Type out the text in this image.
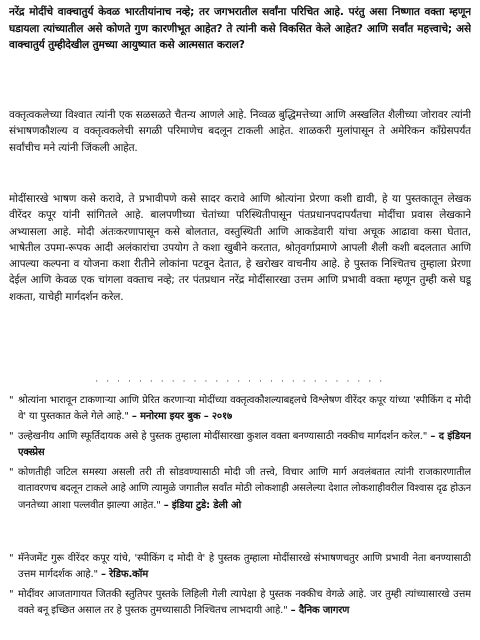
नरेंद्र मोदींचे वाक्चातुर्य केवळ भारतीयांनाच नव्हे; तर जगभरातील सर्वांना परिचित आहे. परंतु असा निष्णात वक्ता म्हणून घडायला त्यांच्यातील असे कोणते गुण कारणीभूत आहेत? ते त्यांनी कसे विकसित केले आहेत? आणि सर्वांत महत्त्वाचे; असे वाक्चातुर्य तुम्हीदेखील तुमच्या आयुष्यात कसे आत्मसात कराल?

वक्तृत्वकलेच्या विश्वात त्यांनी एक सळसळते चैतन्य आणले आहे. निव्वळ बुद्धिमत्तेच्या आणि अस्खलित शैलीच्या जोरावर त्यांनी संभाषणकौशल्य व वक्तृत्वकलेची सगळी परिमाणेच बदलून टाकली आहेत. शाळकरी मुलांपासून ते अमेरिकन काँग्रेसपर्यंत सर्वांचीच मने त्यांनी जिंकली आहेत.

मोदींसारखे भाषण कसे करावे, ते प्रभावीपणे कसे सादर करावे आणि श्रोत्यांना प्रेरणा कशी द्यावी, हे या पुस्तकातून लेखक वीरेंदर कपूर यांनी सांगितले आहे. बालपणीच्या चेतांच्या परिस्थितीपासून पंतप्रधानपदापर्यंतचा मोदींचा प्रवास लेखकाने अभ्यासला आहे. मोदी अंतःकरणापासून कसे बोलतात, वस्तुस्थिती आणि आकडेवारी यांचा अचूक आढावा कसा घेतात, भाषेतील उपमा-रूपक आदी अलंकारांचा उपयोग ते कशा खुबीने करतात, श्रोतृवर्गाप्रमाणे आपली शैली कशी बदलतात आणि आपल्या कल्पना व योजना कशा रीतीने लोकांना पटवून देतात, हे खरोखर वाचनीय आहे. हे पुस्तक निश्चितच तुम्हाला प्रेरणा देईल आणि केवळ एक चांगला वक्ताच नव्हे; तर पंतप्रधान नरेंद्र मोदींसारखा उत्तम आणि प्रभावी वक्ता म्हणून तुम्ही कसे घडू शकता, याचेही मार्गदर्शन करेल.

· · · · · · · · · · · · · · · · · · · · · · · · · · ·

" श्रोत्यांना भारावून टाकणाऱ्या आणि प्रेरित करणाऱ्या मोदींच्या वक्तृत्वकौशल्याबद्दलचे विश्लेषण वीरेंदर कपूर यांच्या 'स्पीकिंग द मोदी वे' या पुस्तकात केले गेले आहे." – मनोरमा इयर बुक – २०१७

" उल्हेखनीय आणि स्फूर्तिदायक असे हे पुस्तक तुम्हाला मोदींसारखा कुशल वक्ता बनण्यासाठी नक्कीच मार्गदर्शन करेल." – द इंडियन एक्स्प्रेस

" कोणतीही जटिल समस्या असली तरी ती सोडवण्यासाठी मोदी जी तत्त्वे, विचार आणि मार्ग अवलंबतात त्यांनी राजकारणातील वातावरणच बदलून टाकले आहे आणि त्यामुळे जगातील सर्वांत मोठी लोकशाही असलेल्या देशात लोकशाहीवरील विश्वास दृढ होऊन जनतेच्या आशा पल्लवीत झाल्या आहेत." – इंडिया टुडे: डेली ओ

" मॅनेजमेंट गुरू वीरेंदर कपूर यांचे, 'स्पीकिंग द मोदी वे' हे पुस्तक तुम्हाला मोदींसारखे संभाषणचतुर आणि प्रभावी नेता बनण्यासाठी उत्तम मार्गदर्शक आहे." – रेडिफ.कॉम

" मोदींवर आजतागायत जितकी स्तुतिपर पुस्तके लिहिली गेली त्यापेक्षा हे पुस्तक नक्कीच वेगळे आहे. जर तुम्ही त्यांच्यासारखे उत्तम वक्ते बनू इच्छित असाल तर हे पुस्तक तुमच्यासाठी निश्चितच लाभदायी आहे." – दैनिक जागरण
